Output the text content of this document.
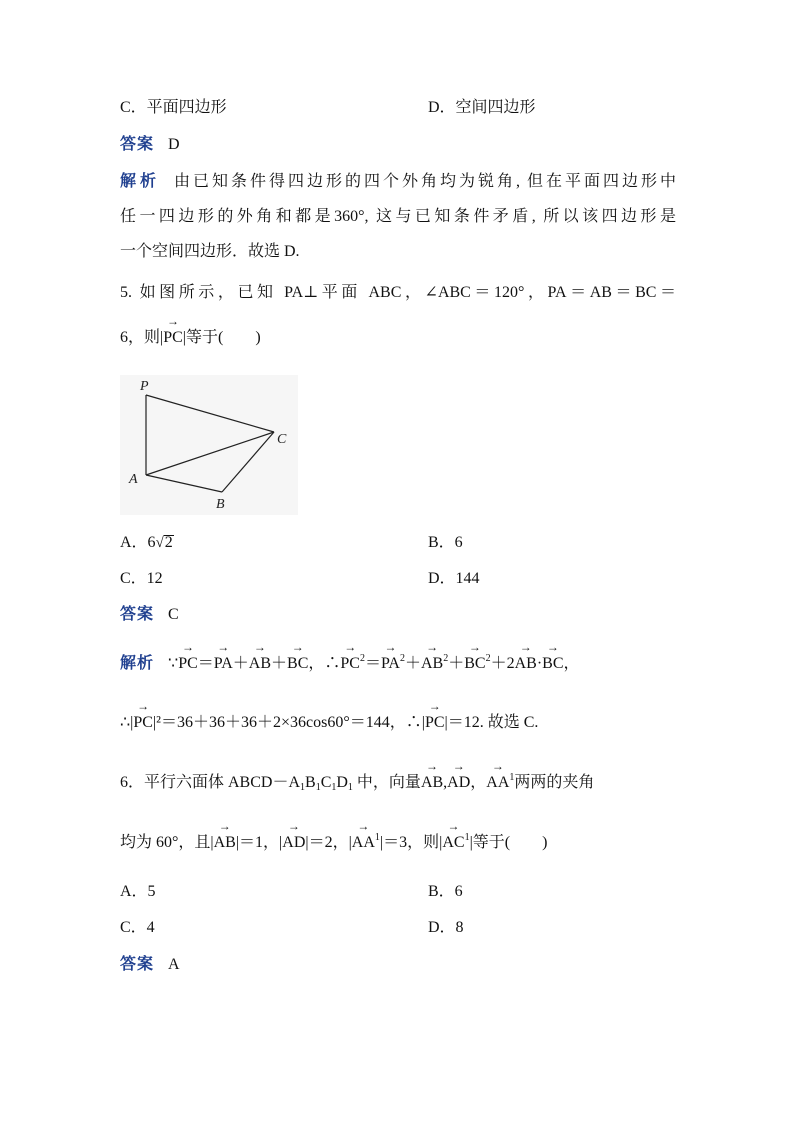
C．平面四边形	D．空间四边形
答案 D
解析 由已知条件得四边形的四个外角均为锐角, 但在平面四边形中
任一四边形的外角和都是360°, 这与已知条件矛盾, 所以该四边形是
一个空间四边形．故选 D.
5. 如图所示，已知 PA⊥平面 ABC，∠ABC＝120°，PA＝AB＝BC＝
6，则|→ PC|等于(　　)
P
A
B
C
A．6√2	B．6
C．12	D．144
答案 C
解析 ∵→ PC＝→ PA＋→ AB＋→ BC，∴→ $PC^2=\to PA^2+\to AB^2+\to BC^2+2\to AB\cdot\to$ BC，
∴|→ PC|²＝36＋36＋36＋2×36cos60°＝144，∴|→ PC|＝12. 故选 C.
6．平行六面体 $ABCD-A_1B_1C_1D_1$ 中，向量→ AB,→ AD，→ $AA^1$两两的夹角
均为 60°，且|→ AB|＝1，|→ AD|＝2，|→ $AA^1|=3$，则|→ $AC^1|$等于(　　)
A．5	B．6
C．4	D．8
答案 A
